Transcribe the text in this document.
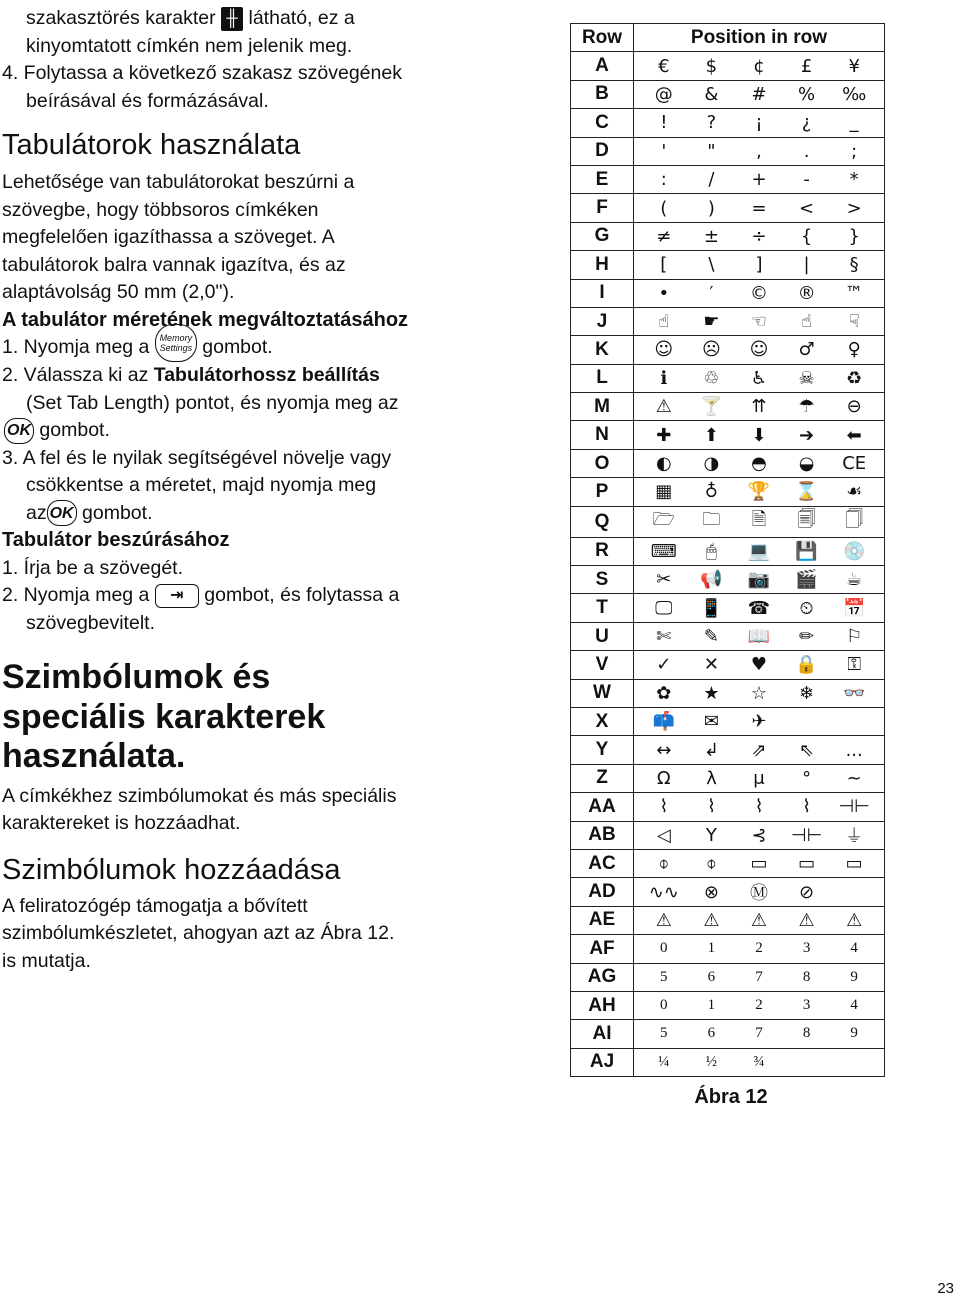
szakasztörés karakter ╫ látható, ez a

kinyomtatott címkén nem jelenik meg.

4. Folytassa a következő szakasz szövegének

beírásával és formázásával.

Tabulátorok használata

Lehetősége van tabulátorokat beszúrni a

szövegbe, hogy többsoros címkéken

megfelelően igazíthassa a szöveget. A

tabulátorok balra vannak igazítva, és az

alaptávolság 50 mm (2,0").

A tabulátor méretének megváltoztatásához

1. Nyomja meg a Memory
Settings gombot.

2. Válassza ki az Tabulátorhossz beállítás

(Set Tab Length) pontot, és nyomja meg az

OK gombot.

3. A fel és le nyilak segítségével növelje vagy

csökkentse a méretet, majd nyomja meg

az OK gombot.

Tabulátor beszúrásához

1. Írja be a szövegét.

2. Nyomja meg a ⇥ gombot, és folytassa a

szövegbevitelt.

Szimbólumok és

speciális karakterek

használata.

A címkékhez szimbólumokat és más speciális

karaktereket is hozzáadhat.

Szimbólumok hozzáadása

A feliratozógép támogatja a bővített

szimbólumkészletet, ahogyan azt az Ábra 12.

is mutatja.

Row	Position in row
A	€ $ ¢ £ ¥

B	@ & # % ‰

C	! ? ¡ ¿ _

D	' " , . ;

E	: / + - *

F	( ) = < >

G	≠ ± ÷ { }

H	[ \ ] | §

I	• ′ © ® ™

J	☝ ☛ ☜ ☝ ☟

K	☺ ☹ ☺ ♂ ♀

L	ℹ ♲ ♿ ☠ ♻

M	⚠ 🍸 ⇈ ☂ ⊖

N	✚ ⬆ ⬇ ➔ ⬅

O	◐ ◑ ◓ ◒ CE

P	▦ ♁ 🏆 ⌛ ☙

Q	🗁 🗀 🗎 🗐 🗍

R	⌨ 🖱 💻 💾 💿

S	✂ 📢 📷 🎬 ☕

T	🖵 📱 ☎ ⏲ 📅

U	✄ ✎ 📖 ✏ ⚐

V	✓ ✕ ♥ 🔒 ⚿

W	✿ ★ ☆ ❄ 👓

X	📫 ✉ ✈

Y	↔ ↲ ⇗ ⇖ ...

Z	Ω λ μ ° ~

AA	⌇ ⌇ ⌇ ⌇ ⊣⊢

AB	◁ Y ⊰ ⊣⊢ ⏚

AC	⌽ ⌽ ▭ ▭ ▭

AD	∿∿ ⊗ Ⓜ ⊘

AE	⚠ ⚠ ⚠ ⚠ ⚠

AF	0 1 2 3 4

AG	5 6 7 8 9

AH	0 1 2 3 4

AI	5 6 7 8 9

AJ	¼ ½ ¾
Ábra 12
23
